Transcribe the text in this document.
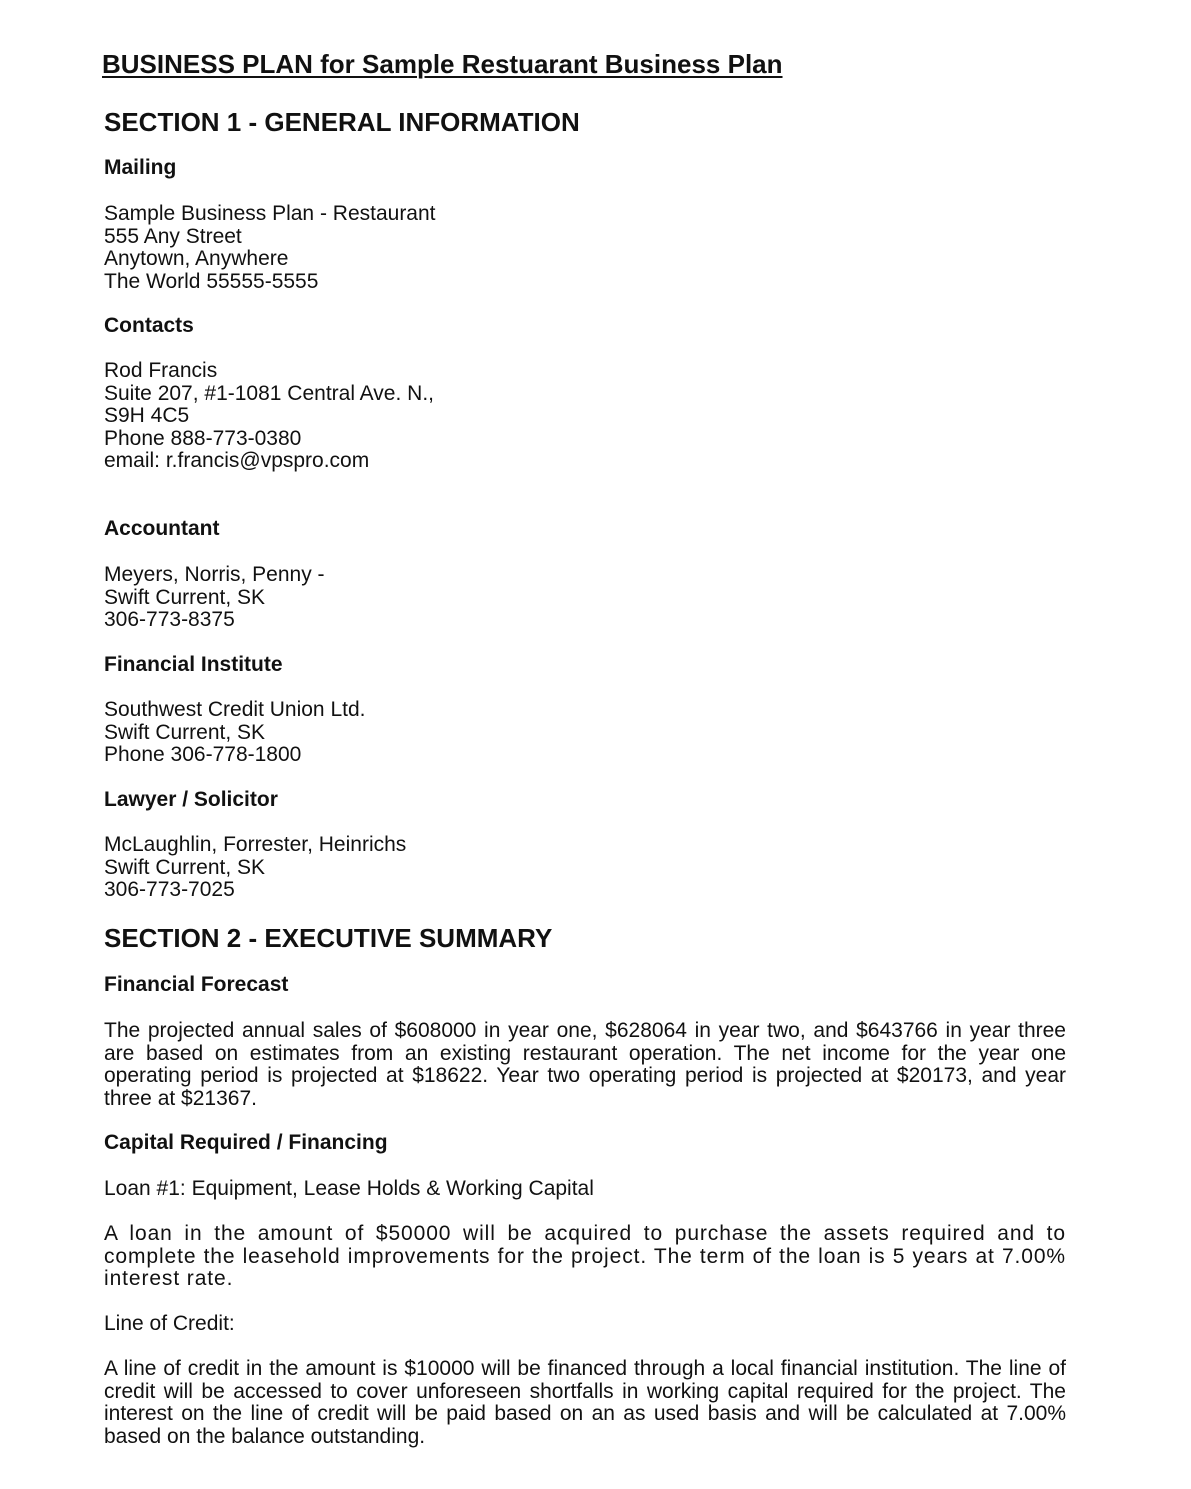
BUSINESS PLAN for Sample Restuarant Business Plan
SECTION 1 - GENERAL INFORMATION
Mailing
Sample Business Plan - Restaurant
555 Any Street
Anytown, Anywhere
The World 55555-5555
Contacts
Rod Francis
Suite 207, #1-1081 Central Ave. N.,
S9H 4C5
Phone 888-773-0380
email: r.francis@vpspro.com
Accountant
Meyers, Norris, Penny -
Swift Current, SK
306-773-8375
Financial Institute
Southwest Credit Union Ltd.
Swift Current, SK
Phone 306-778-1800
Lawyer / Solicitor
McLaughlin, Forrester, Heinrichs
Swift Current, SK
306-773-7025
SECTION 2 - EXECUTIVE SUMMARY
Financial Forecast

The projected annual sales of $608000 in year one, $628064 in year two, and $643766 in year three are based on estimates from an existing restaurant operation. The net income for the year one operating period is projected at $18622. Year two operating period is projected at $20173, and year three at $21367.

Capital Required / Financing

Loan #1: Equipment, Lease Holds & Working Capital

A loan in the amount of $50000 will be acquired to purchase the assets required and to complete the leasehold improvements for the project. The term of the loan is 5 years at 7.00% interest rate.

Line of Credit:

A line of credit in the amount is $10000 will be financed through a local financial institution. The line of credit will be accessed to cover unforeseen shortfalls in working capital required for the project. The interest on the line of credit will be paid based on an as used basis and will be calculated at 7.00% based on the balance outstanding.
